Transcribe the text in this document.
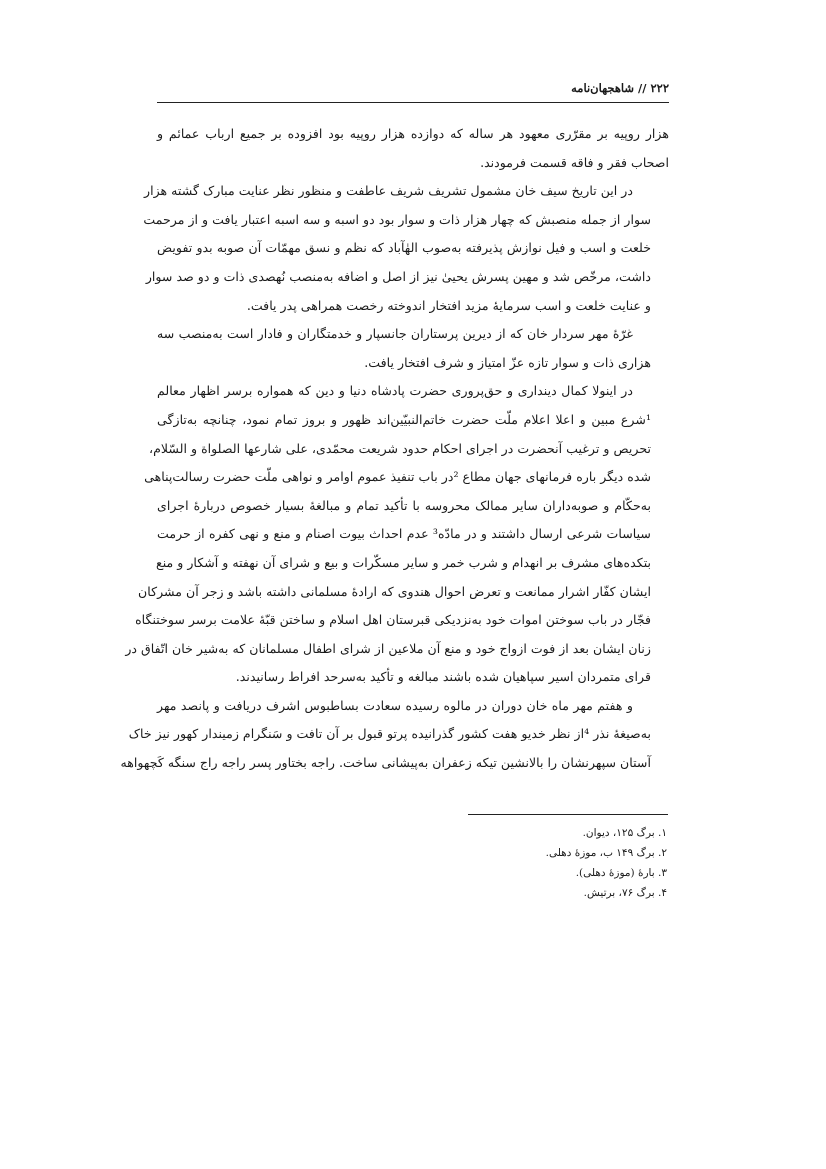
۲۲۲ // شاهجهان‌نامه

هزار روپیه بر مقرّری معهود هر ساله که دوازده هزار روپیه بود افزوده بر جمیع ارباب عمائم و
اصحاب فقر و فاقه قسمت فرمودند.

در این تاریخ سیف خان مشمول تشریف شریف عاطفت و منظور نظر عنایت مبارک گشته هزار
سوار از جمله منصبش که چهار هزار ذات و سوار بود دو اسبه و سه اسبه اعتبار یافت و از مرحمت
خلعت و اسب و فیل نوازش پذیرفته به‌صوب الهٰآباد که نظم و نسق مهمّات آن صوبه بدو تفویض
داشت، مرخّص شد و مهین پسرش یحییٰ نیز از اصل و اضافه به‌منصب نُهصدی ذات و دو صد سوار
و عنایت خلعت و اسب سرمایهٔ مزید افتخار اندوخته رخصت همراهی پدر یافت.

غرّهٔ مهر سردار خان که از دیرین پرستاران جانسپار و خدمتگاران و فادار است به‌منصب سه
هزاری ذات و سوار تازه عزّ امتیاز و شرف افتخار یافت.

در اینولا کمال دینداری و حق‌پروری حضرت پادشاه دنیا و دین که همواره برسر اظهار معالم
¹شرع مبین و اعلا اعلام ملّت حضرت خاتم‌النبیّین‌اند ظهور و بروز تمام نمود، چنانچه به‌تازگی
تحریص و ترغیب آنحضرت در اجرای احکام حدود شریعت محمّدی، علی شارعها الصلواة و السّلام،
شده دیگر باره فرمانهای جهان مطاع ²در باب تنفیذ عموم اوامر و نواهی ملّت حضرت رسالت‌پناهی
به‌حکّام و صوبه‌داران سایر ممالک محروسه با تأکید تمام و مبالغهٔ بسیار خصوص دربارهٔ اجرای
سیاسات شرعی ارسال داشتند و در مادّه³ عدم احداث بیوت اصنام و منع و نهی کفره از حرمت
بتکده‌های مشرف بر انهدام و شرب خمر و سایر مسکّرات و بیع و شرای آن نهفته و آشکار و منع
ایشان کفّار اشرار ممانعت و تعرض احوال هندوی که ارادهٔ مسلمانی داشته باشد و زجر آن مشرکان
فجّار در باب سوختن اموات خود به‌نزدیکی قبرستان اهل اسلام و ساختن قبّهٔ علامت برسر سوختنگاه
زنان ایشان بعد از فوت ازواج خود و منع آن ملاعین از شرای اطفال مسلمانان که به‌شیر خان اتّفاق در
قرای متمردان اسیر سپاهیان شده باشند مبالغه و تأکید به‌سرحد افراط رسانیدند.

و هفتم مهر ماه خان دوران در مالوه رسیده سعادت بساطبوس اشرف دریافت و پانصد مهر
به‌صیغهٔ نذر ⁴از نظر خدیو هفت کشور گذرانیده پرتو قبول بر آن تافت و سَنگرام زمیندار کهور نیز خاک
آستان سپهرنشان را بالانشین تیکه زعفران به‌پیشانی ساخت. راجه بختاور پسر راجه راج سنگه کَچهواهه

۱. برگ ۱۲۵، دیوان.
۲. برگ ۱۴۹ ب، موزهٔ دهلی.
۳. بارهٔ (موزهٔ دهلی).
۴. برگ ۷۶، برتیش.
